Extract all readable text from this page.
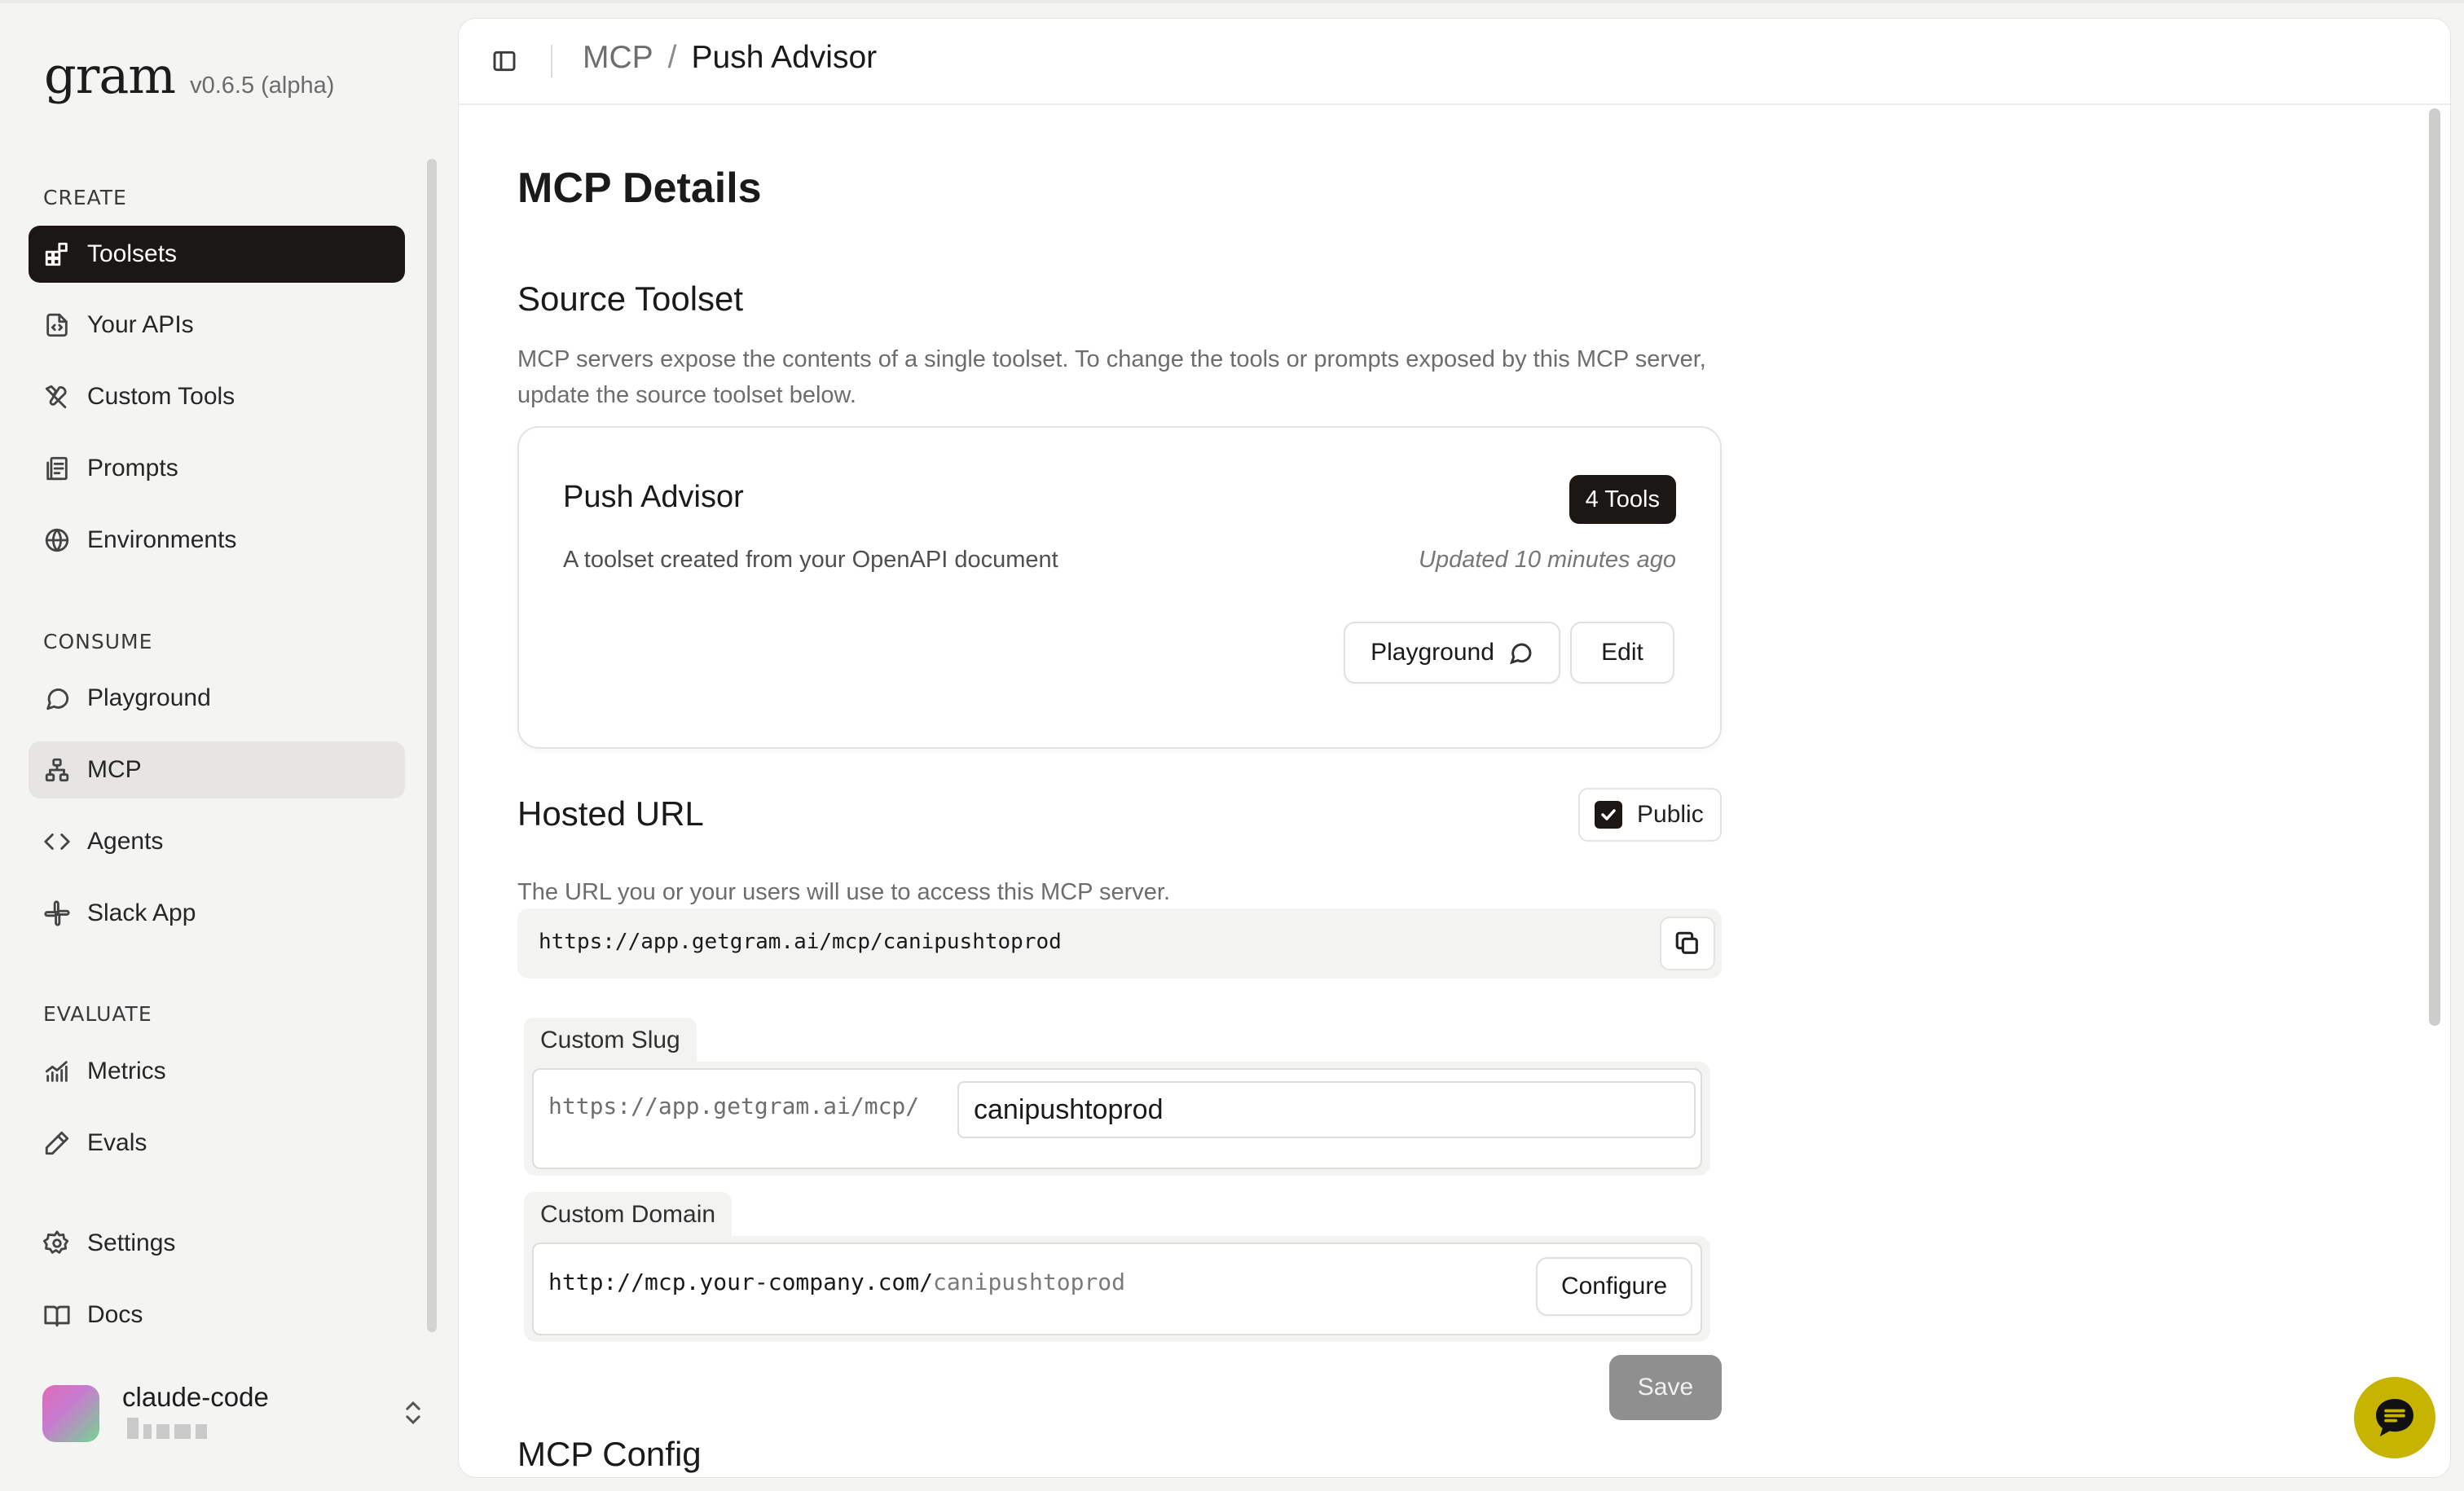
gram v0.6.5 (alpha)
CREATE
Toolsets
Your APIs
Custom Tools
Prompts
Environments
CONSUME
Playground
MCP
Agents
Slack App
EVALUATE
Metrics
Evals
Settings
Docs
claude-code
MCP / Push Advisor
MCP Details
Source Toolset

MCP servers expose the contents of a single toolset. To change the tools or prompts exposed by this MCP server, update the source toolset below.

Push Advisor	4 Tools
A toolset created from your OpenAPI document	Updated 10 minutes ago
Playground	Edit
Hosted URL	Public

The URL you or your users will use to access this MCP server.

https://app.getgram.ai/mcp/canipushtoprod
Custom Slug
https://app.getgram.ai/mcp/
canipushtoprod
Custom Domain
http://mcp.your-company.com/canipushtoprod	Configure
Save
MCP Config
